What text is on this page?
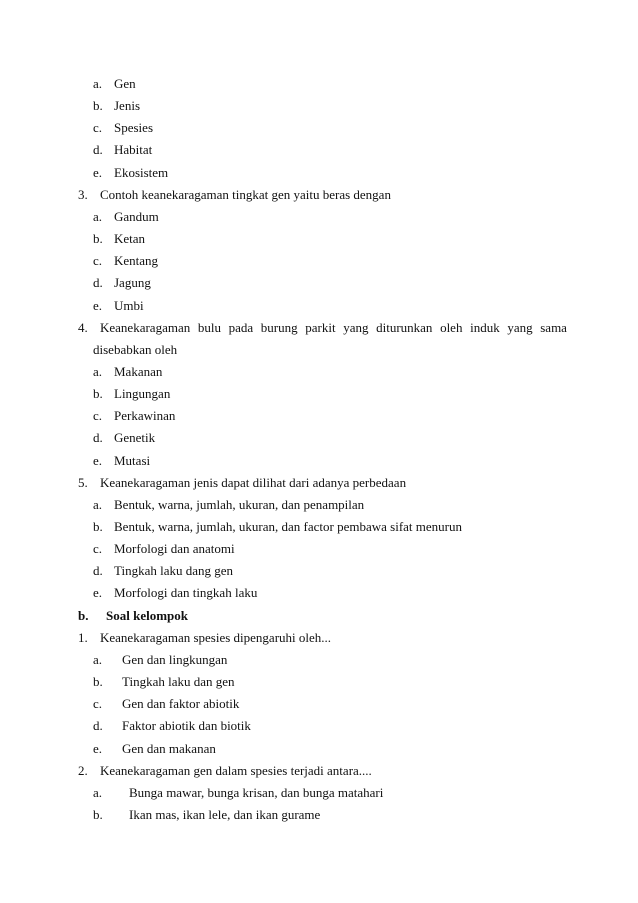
a. Gen
b. Jenis
c. Spesies
d. Habitat
e. Ekosistem
3. Contoh keanekaragaman tingkat gen yaitu beras dengan
a. Gandum
b. Ketan
c. Kentang
d. Jagung
e. Umbi
4. Keanekaragaman bulu pada burung parkit yang diturunkan oleh induk yang sama
disebabkan oleh
a. Makanan
b. Lingungan
c. Perkawinan
d. Genetik
e. Mutasi
5. Keanekaragaman jenis dapat dilihat dari adanya perbedaan
a. Bentuk, warna, jumlah, ukuran, dan penampilan
b. Bentuk, warna, jumlah, ukuran, dan factor pembawa sifat menurun
c. Morfologi dan anatomi
d. Tingkah laku dang gen
e. Morfologi dan tingkah laku
b. Soal kelompok
1. Keanekaragaman spesies dipengaruhi oleh...
a. Gen dan lingkungan
b. Tingkah laku dan gen
c. Gen dan faktor abiotik
d. Faktor abiotik dan biotik
e. Gen dan makanan
2. Keanekaragaman gen dalam spesies terjadi antara....
a. Bunga mawar, bunga krisan, dan bunga matahari
b. Ikan mas, ikan lele, dan ikan gurame
